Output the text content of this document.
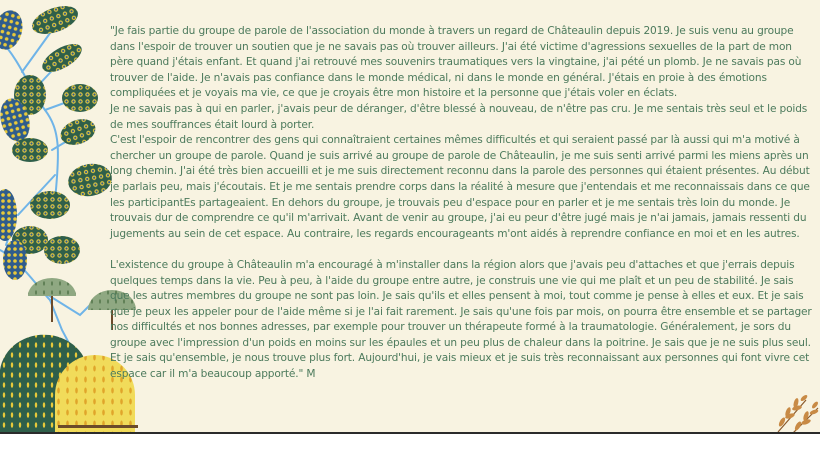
"Je fais partie du groupe de parole de l'association du monde à travers un regard de Châteaulin depuis 2019. Je suis venu au groupe dans l'espoir de trouver un soutien que je ne savais pas où trouver ailleurs. J'ai été victime d'agressions sexuelles de la part de mon père quand j'étais enfant. Et quand j'ai retrouvé mes souvenirs traumatiques vers la vingtaine, j'ai pété un plomb. Je ne savais pas où trouver de l'aide. Je n'avais pas confiance dans le monde médical, ni dans le monde en général. J'étais en proie à des émotions compliquées et je voyais ma vie, ce que je croyais être mon histoire et la personne que j'étais voler en éclats.

Je ne savais pas à qui en parler, j'avais peur de déranger, d'être blessé à nouveau, de n'être pas cru. Je me sentais très seul et le poids de mes souffrances était lourd à porter.

C'est l'espoir de rencontrer des gens qui connaîtraient certaines mêmes difficultés et qui seraient passé par là aussi qui m'a motivé à chercher un groupe de parole. Quand je suis arrivé au groupe de parole de Châteaulin, je me suis senti arrivé parmi les miens après un long chemin. J'ai été très bien accueilli et je me suis directement reconnu dans la parole des personnes qui étaient présentes. Au début je parlais peu, mais j'écoutais. Et je me sentais prendre corps dans la réalité à mesure que j'entendais et me reconnaissais dans ce que les participantEs partageaient. En dehors du groupe, je trouvais peu d'espace pour en parler et je me sentais très loin du monde. Je trouvais dur de comprendre ce qu'il m'arrivait. Avant de venir au groupe, j'ai eu peur d'être jugé mais je n'ai jamais, jamais ressenti du jugements au sein de cet espace. Au contraire, les regards encourageants m'ont aidés à reprendre confiance en moi et en les autres.

L'existence du groupe à Châteaulin m'a encouragé à m'installer dans la région alors que j'avais peu d'attaches et que j'errais depuis quelques temps dans la vie. Peu à peu, à l'aide du groupe entre autre, je construis une vie qui me plaît et un peu de stabilité. Je sais que les autres membres du groupe ne sont pas loin. Je sais qu'ils et elles pensent à moi, tout comme je pense à elles et eux. Et je sais que je peux les appeler pour de l'aide même si je l'ai fait rarement. Je sais qu'une fois par mois, on pourra être ensemble et se partager nos difficultés et nos bonnes adresses, par exemple pour trouver un thérapeute formé à la traumatologie. Généralement, je sors du groupe avec l'impression d'un poids en moins sur les épaules et un peu plus de chaleur dans la poitrine. Je sais que je ne suis plus seul. Et je sais qu'ensemble, je nous trouve plus fort. Aujourd'hui, je vais mieux et je suis très reconnaissant aux personnes qui font vivre cet espace car il m'a beaucoup apporté." M
